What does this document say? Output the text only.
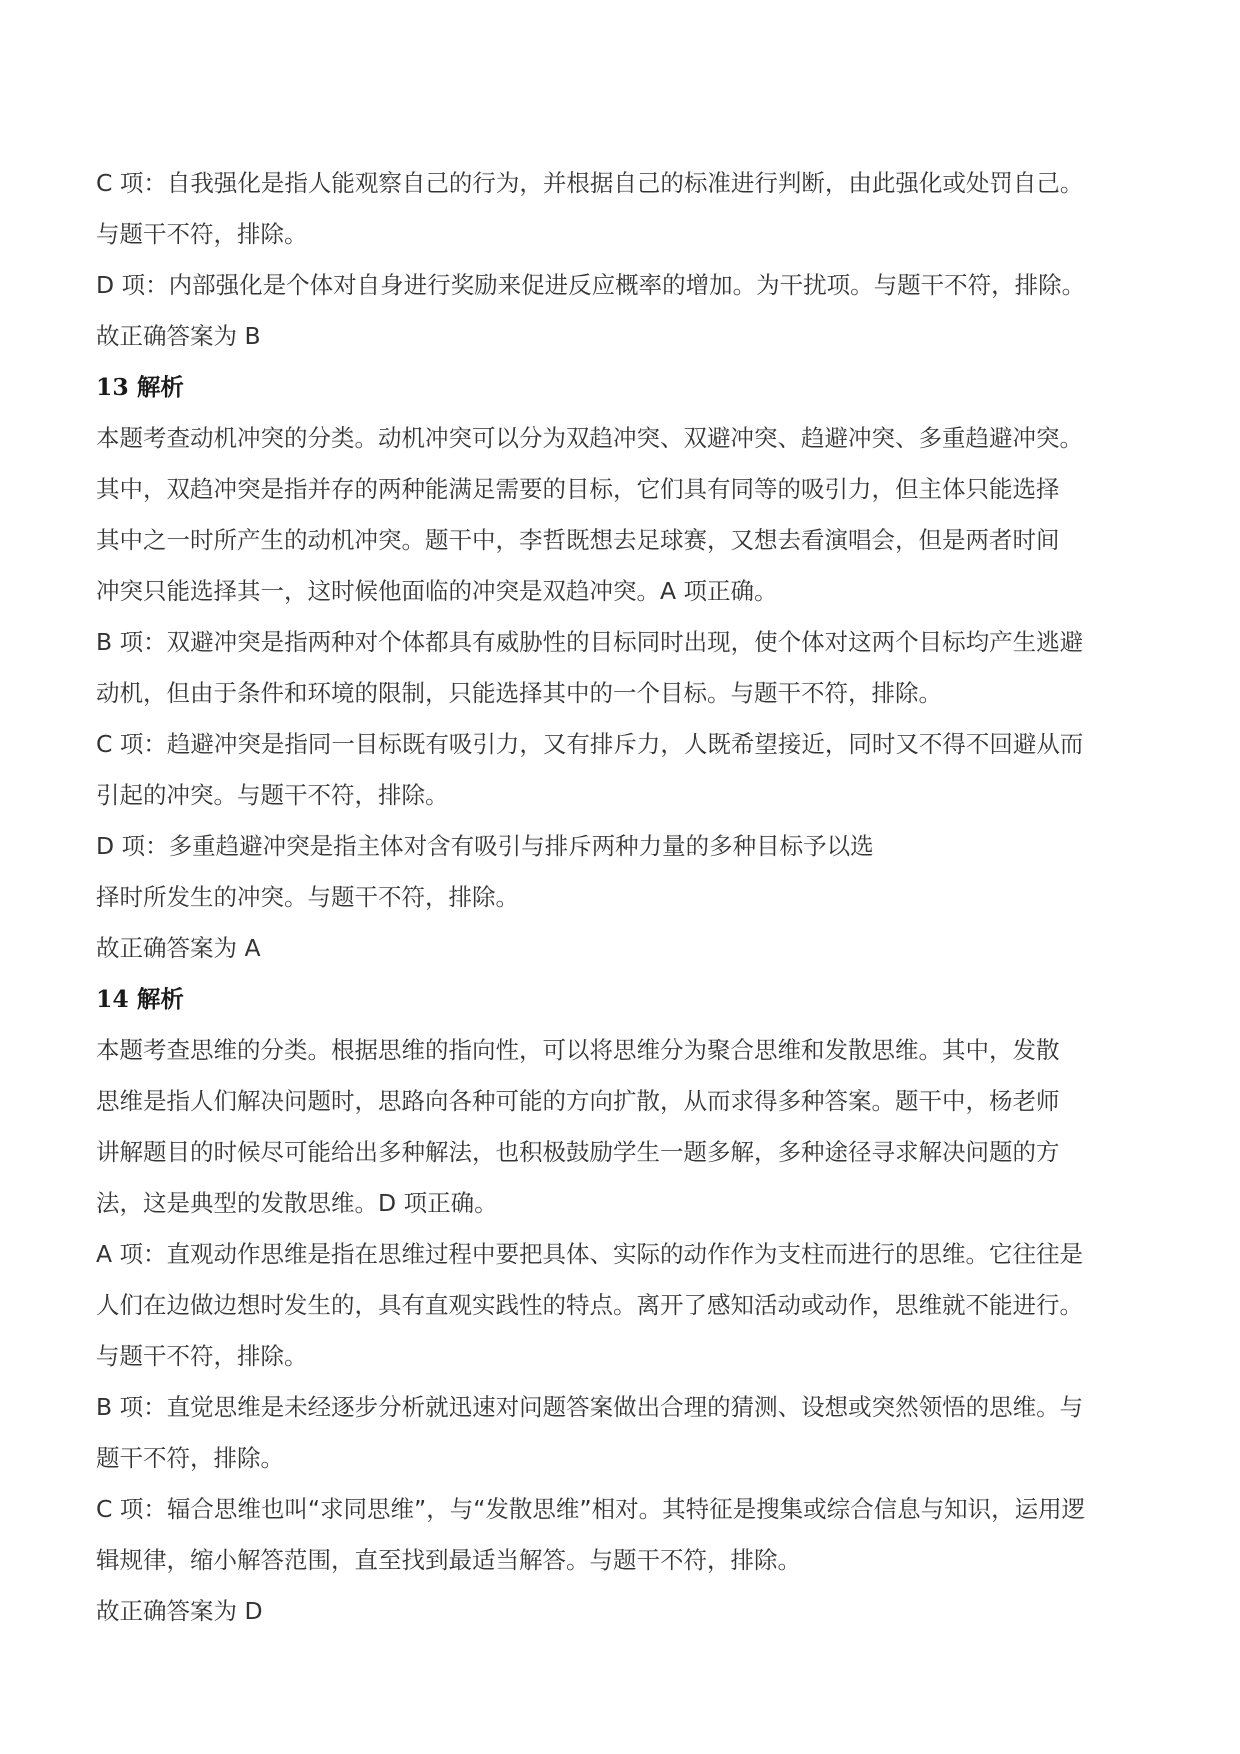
C 项：自我强化是指人能观察自己的行为，并根据自己的标准进行判断，由此强化或处罚自己。
与题干不符，排除。
D 项：内部强化是个体对自身进行奖励来促进反应概率的增加。为干扰项。与题干不符，排除。
故正确答案为 B
13 解析
本题考查动机冲突的分类。动机冲突可以分为双趋冲突、双避冲突、趋避冲突、多重趋避冲突。
其中，双趋冲突是指并存的两种能满足需要的目标，它们具有同等的吸引力，但主体只能选择
其中之一时所产生的动机冲突。题干中，李哲既想去足球赛，又想去看演唱会，但是两者时间
冲突只能选择其一，这时候他面临的冲突是双趋冲突。A 项正确。
B 项：双避冲突是指两种对个体都具有威胁性的目标同时出现，使个体对这两个目标均产生逃避
动机，但由于条件和环境的限制，只能选择其中的一个目标。与题干不符，排除。
C 项：趋避冲突是指同一目标既有吸引力，又有排斥力，人既希望接近，同时又不得不回避从而
引起的冲突。与题干不符，排除。
D 项：多重趋避冲突是指主体对含有吸引与排斥两种力量的多种目标予以选
择时所发生的冲突。与题干不符，排除。
故正确答案为 A
14 解析
本题考查思维的分类。根据思维的指向性，可以将思维分为聚合思维和发散思维。其中，发散
思维是指人们解决问题时，思路向各种可能的方向扩散，从而求得多种答案。题干中，杨老师
讲解题目的时候尽可能给出多种解法，也积极鼓励学生一题多解，多种途径寻求解决问题的方
法，这是典型的发散思维。D 项正确。
A 项：直观动作思维是指在思维过程中要把具体、实际的动作作为支柱而进行的思维。它往往是
人们在边做边想时发生的，具有直观实践性的特点。离开了感知活动或动作，思维就不能进行。
与题干不符，排除。
B 项：直觉思维是未经逐步分析就迅速对问题答案做出合理的猜测、设想或突然领悟的思维。与
题干不符，排除。
C 项：辐合思维也叫“求同思维”，与“发散思维”相对。其特征是搜集或综合信息与知识，运用逻
辑规律，缩小解答范围，直至找到最适当解答。与题干不符，排除。
故正确答案为 D
